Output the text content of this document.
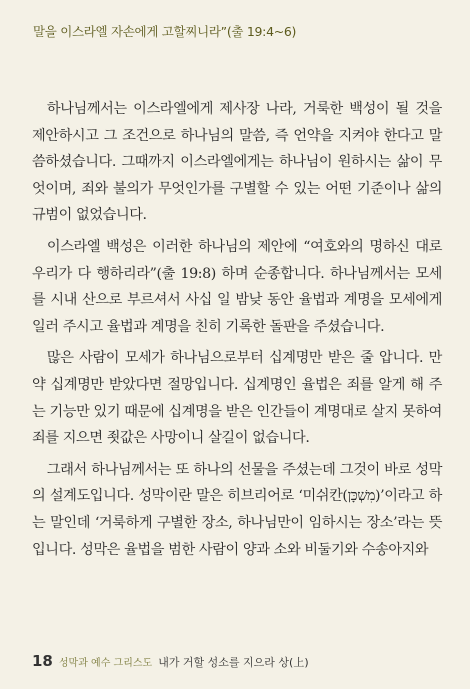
말을 이스라엘 자손에게 고할찌니라”(출 19:4~6)

하나님께서는 이스라엘에게 제사장 나라, 거룩한 백성이 될 것을 제안하시고 그 조건으로 하나님의 말씀, 즉 언약을 지켜야 한다고 말씀하셨습니다. 그때까지 이스라엘에게는 하나님이 원하시는 삶이 무엇이며, 죄와 불의가 무엇인가를 구별할 수 있는 어떤 기준이나 삶의 규범이 없었습니다.

이스라엘 백성은 이러한 하나님의 제안에 “여호와의 명하신 대로 우리가 다 행하리라”(출 19:8) 하며 순종합니다. 하나님께서는 모세를 시내 산으로 부르셔서 사십 일 밤낮 동안 율법과 계명을 모세에게 일러 주시고 율법과 계명을 친히 기록한 돌판을 주셨습니다.

많은 사람이 모세가 하나님으로부터 십계명만 받은 줄 압니다. 만약 십계명만 받았다면 절망입니다. 십계명인 율법은 죄를 알게 해 주는 기능만 있기 때문에 십계명을 받은 인간들이 계명대로 살지 못하여 죄를 지으면 죗값은 사망이니 살길이 없습니다.

그래서 하나님께서는 또 하나의 선물을 주셨는데 그것이 바로 성막의 설계도입니다. 성막이란 말은 히브리어로 ‘미쉬칸(מִשְׁכָּן)’이라고 하는 말인데 ‘거룩하게 구별한 장소, 하나님만이 임하시는 장소’라는 뜻입니다. 성막은 율법을 범한 사람이 양과 소와 비둘기와 수송아지와

18 성막과 예수 그리스도 내가 거할 성소를 지으라 상(上)
